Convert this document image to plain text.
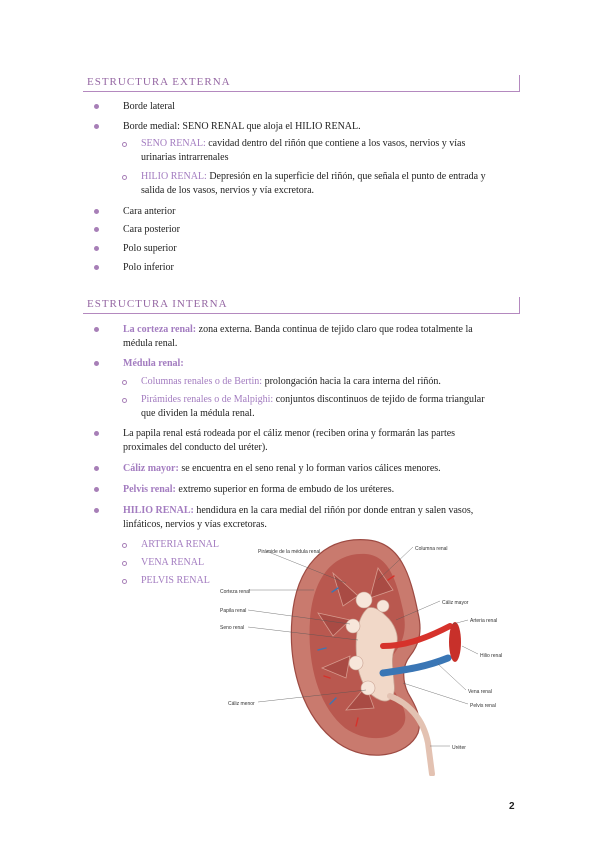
ESTRUCTURA EXTERNA
Borde lateral
Borde medial: SENO RENAL que aloja el HILIO RENAL.
SENO RENAL: cavidad dentro del riñón que contiene a los vasos, nervios y vías
urinarias intrarrenales
HILIO RENAL: Depresión en la superficie del riñón, que señala el punto de entrada y
salida de los vasos, nervios y vía excretora.
Cara anterior
Cara posterior
Polo superior
Polo inferior
ESTRUCTURA INTERNA
La corteza renal: zona externa. Banda continua de tejido claro que rodea totalmente la
médula renal.
Médula renal:
Columnas renales o de Bertin: prolongación hacia la cara interna del riñón.
Pirámides renales o de Malpighi: conjuntos discontinuos de tejido de forma triangular
que dividen la médula renal.
La papila renal está rodeada por el cáliz menor (reciben orina y formarán las partes
proximales del conducto del uréter).
Cáliz mayor: se encuentra en el seno renal y lo forman varios cálices menores.
Pelvis renal: extremo superior en forma de embudo de los uréteres.
HILIO RENAL: hendidura en la cara medial del riñón por donde entran y salen vasos,
linfáticos, nervios y vías excretoras.
ARTERIA RENAL
VENA RENAL
PELVIS RENAL
Pirámide de la médula renal	Columna renal
Corteza renal
Papila renal
Seno renal
Cáliz mayor
Arteria renal
Hilio renal
Vena renal
Pelvis renal
Cáliz menor
Uréter
2
